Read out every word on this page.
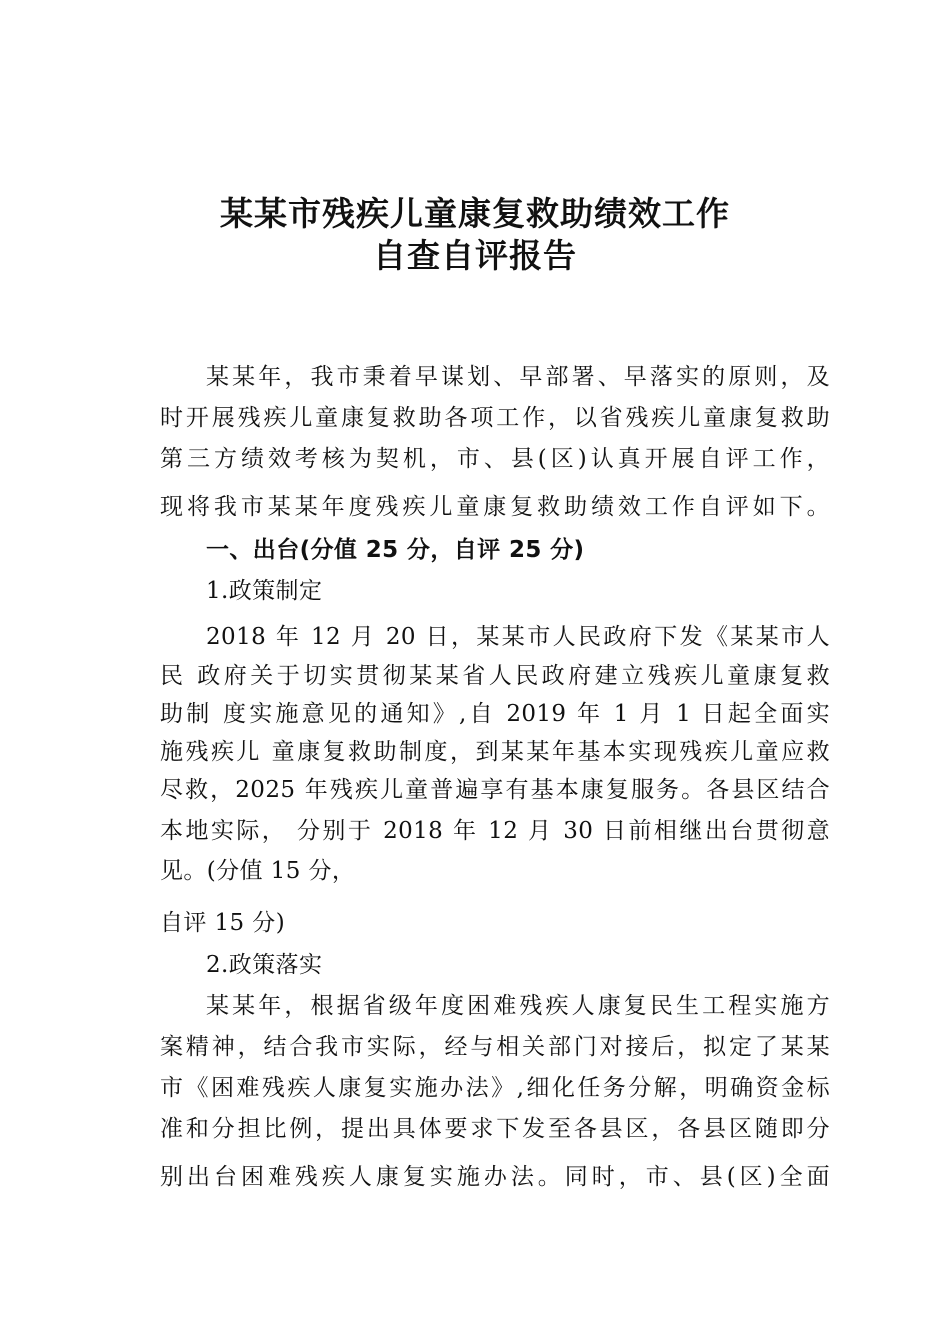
某某市残疾儿童康复救助绩效工作
自查自评报告

某某年，我市秉着早谋划、早部署、早落实的原则，及

时开展残疾儿童康复救助各项工作，以省残疾儿童康复救助

第三方绩效考核为契机，市、县(区)认真开展自评工作，

现将我市某某年度残疾儿童康复救助绩效工作自评如下。

一、出台(分值 25 分，自评 25 分)

1.政策制定

2018 年 12 月 20 日，某某市人民政府下发《某某市人

民 政府关于切实贯彻某某省人民政府建立残疾儿童康复救

助制 度实施意见的通知》,自 2019 年 1 月 1 日起全面实

施残疾儿 童康复救助制度，到某某年基本实现残疾儿童应救

尽救，2025 年残疾儿童普遍享有基本康复服务。各县区结合

本地实际， 分别于 2018 年 12 月 30 日前相继出台贯彻意

见。(分值 15 分，

自评 15 分)

2.政策落实

某某年，根据省级年度困难残疾人康复民生工程实施方

案精神，结合我市实际，经与相关部门对接后，拟定了某某

市《困难残疾人康复实施办法》,细化任务分解，明确资金标

准和分担比例，提出具体要求下发至各县区，各县区随即分

别出台困难残疾人康复实施办法。同时，市、县(区)全面
